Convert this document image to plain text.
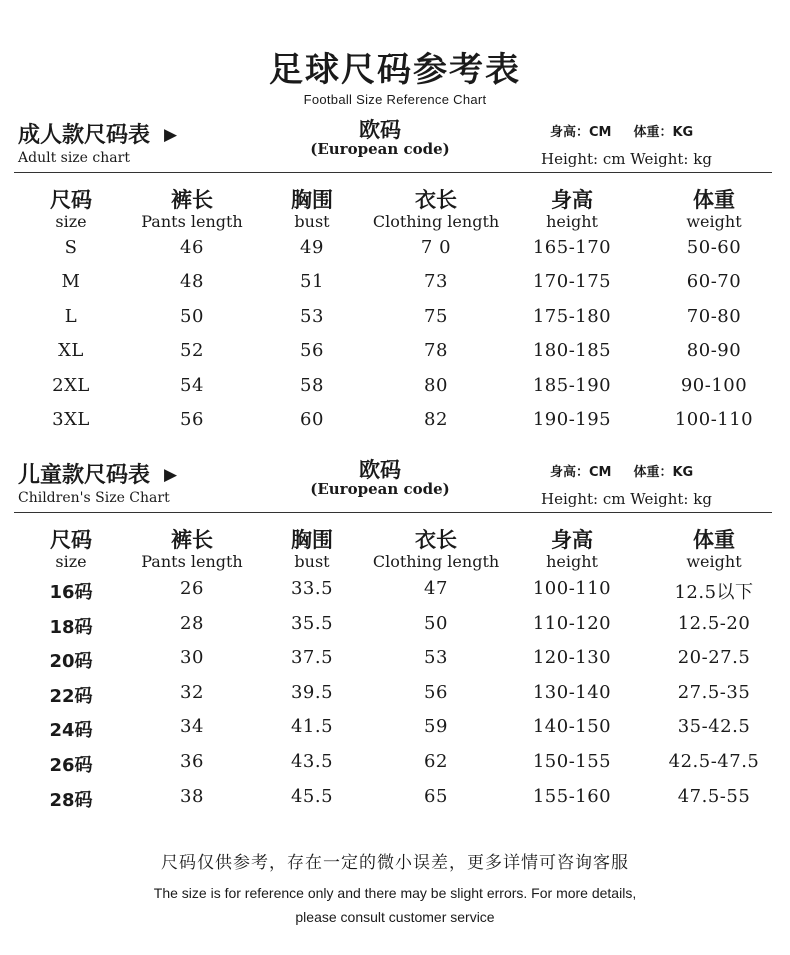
足球尺码参考表
Football Size Reference Chart
成人款尺码表 ▶
Adult size chart
欧码
(European code)
身高：CM 体重：KG
Height: cm Weight: kg
尺码
size
裤长
Pants length
胸围
bust
衣长
Clothing length
身高
height
体重
weight
S	46	49	7 0	165-170	50-60
M	48	51	73	170-175	60-70
L	50	53	75	175-180	70-80
XL	52	56	78	180-185	80-90
2XL	54	58	80	185-190	90-100
3XL	56	60	82	190-195	100-110
儿童款尺码表 ▶
Children's Size Chart
欧码
(European code)
身高：CM 体重：KG
Height: cm Weight: kg
尺码
size
裤长
Pants length
胸围
bust
衣长
Clothing length
身高
height
体重
weight
16码	26	33.5	47	100-110	12.5以下
18码	28	35.5	50	110-120	12.5-20
20码	30	37.5	53	120-130	20-27.5
22码	32	39.5	56	130-140	27.5-35
24码	34	41.5	59	140-150	35-42.5
26码	36	43.5	62	150-155	42.5-47.5
28码	38	45.5	65	155-160	47.5-55
尺码仅供参考，存在一定的微小误差，更多详情可咨询客服
The size is for reference only and there may be slight errors. For more details,
please consult customer service
